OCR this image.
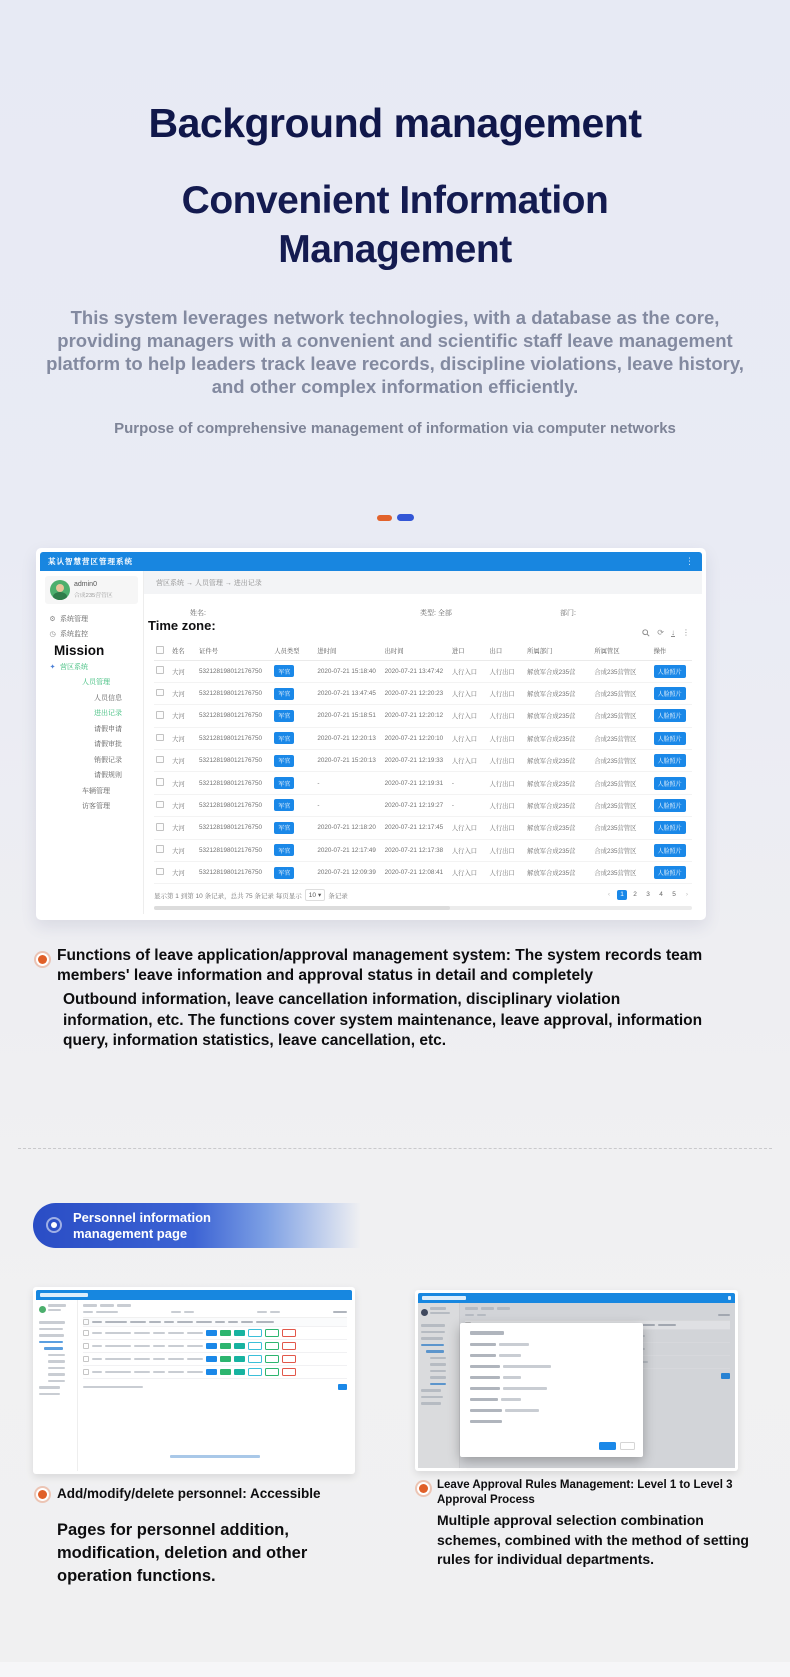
Background management
Convenient Information Management
This system leverages network technologies, with a database as the core, providing managers with a convenient and scientific staff leave management platform to help leaders track leave records, discipline violations, leave history, and other complex information efficiently.
Purpose of comprehensive management of information via computer networks
某认智慧营区管理系统	⋮
admin0
合成235营管区
⚙ 系统管理
◷ 系统监控
Mission
✦ 营区系统
人员管理
人员信息
进出记录
请假申请
请假审批
销假记录
请假规则
车辆管理
访客管理
营区系统 → 人员管理 → 进出记录
姓名:	类型: 全部	部门:
Time zone:	⟳ ↓ ⋮
	姓名	证件号	人员类型	进时间	出时间	进口	出口	所属部门	所属管区	操作
	大河	532128198012176750	军官	2020-07-21 15:18:40	2020-07-21 13:47:42	人行入口	人行出口	解放军合成235营	合成235营管区	人脸照片
	大河	532128198012176750	军官	2020-07-21 13:47:45	2020-07-21 12:20:23	人行入口	人行出口	解放军合成235营	合成235营管区	人脸照片
	大河	532128198012176750	军官	2020-07-21 15:18:51	2020-07-21 12:20:12	人行入口	人行出口	解放军合成235营	合成235营管区	人脸照片
	大河	532128198012176750	军官	2020-07-21 12:20:13	2020-07-21 12:20:10	人行入口	人行出口	解放军合成235营	合成235营管区	人脸照片
	大河	532128198012176750	军官	2020-07-21 15:20:13	2020-07-21 12:19:33	人行入口	人行出口	解放军合成235营	合成235营管区	人脸照片
	大河	532128198012176750	军官	-	2020-07-21 12:19:31	-	人行出口	解放军合成235营	合成235营管区	人脸照片
	大河	532128198012176750	军官	-	2020-07-21 12:19:27	-	人行出口	解放军合成235营	合成235营管区	人脸照片
	大河	532128198012176750	军官	2020-07-21 12:18:20	2020-07-21 12:17:45	人行入口	人行出口	解放军合成235营	合成235营管区	人脸照片
	大河	532128198012176750	军官	2020-07-21 12:17:49	2020-07-21 12:17:38	人行入口	人行出口	解放军合成235营	合成235营管区	人脸照片
	大河	532128198012176750	军官	2020-07-21 12:09:39	2020-07-21 12:08:41	人行入口	人行出口	解放军合成235营	合成235营管区	人脸照片
显示第 1 到第 10 条记录，总共 75 条记录 每页显示 10 ▾ 条记录	‹	1	2	3	4	5	›
Functions of leave application/approval management system: The system records team members' leave information and approval status in detail and completely
Outbound information, leave cancellation information, disciplinary violation information, etc. The functions cover system maintenance, leave approval, information query, information statistics, leave cancellation, etc.
Personnel information
management page
Add/modify/delete personnel: Accessible
Pages for personnel addition, modification, deletion and other operation functions.
Leave Approval Rules Management: Level 1 to Level 3 Approval Process
Multiple approval selection combination schemes, combined with the method of setting rules for individual departments.
